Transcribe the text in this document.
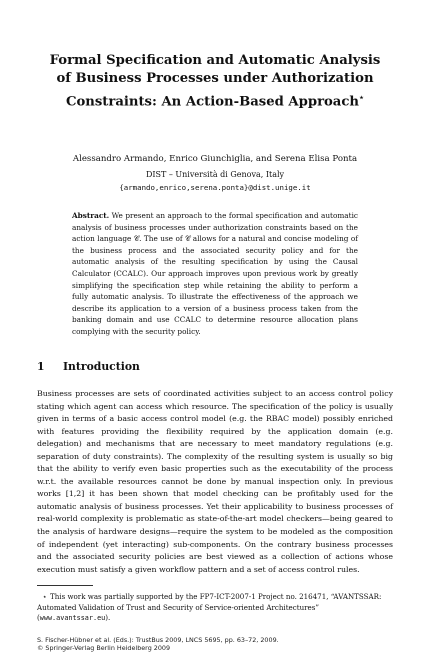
Formal Specification and Automatic Analysis
of Business Processes under Authorization
Constraints: An Action-Based Approach⋆
Alessandro Armando, Enrico Giunchiglia, and Serena Elisa Ponta
DIST – Università di Genova, Italy
{armando,enrico,serena.ponta}@dist.unige.it
Abstract. We present an approach to the formal specification and automatic analysis of business processes under authorization constraints based on the action language 𝒞. The use of 𝒞 allows for a natural and concise modeling of the business process and the associated security policy and for the automatic analysis of the resulting specification by using the Causal Calculator (CCALC). Our approach improves upon previous work by greatly simplifying the specification step while retaining the ability to perform a fully automatic analysis. To illustrate the effectiveness of the approach we describe its application to a version of a business process taken from the banking domain and use CCALC to determine resource allocation plans complying with the security policy.
1 Introduction
Business processes are sets of coordinated activities subject to an access control policy stating which agent can access which resource. The specification of the policy is usually given in terms of a basic access control model (e.g. the RBAC model) possibly enriched with features providing the flexibility required by the application domain (e.g. delegation) and mechanisms that are necessary to meet mandatory regulations (e.g. separation of duty constraints). The complexity of the resulting system is usually so big that the ability to verify even basic properties such as the executability of the process w.r.t. the available resources cannot be done by manual inspection only. In previous works [1,2] it has been shown that model checking can be profitably used for the automatic analysis of business processes. Yet their applicability to business processes of real-world complexity is problematic as state-of-the-art model checkers—being geared to the analysis of hardware designs—require the system to be modeled as the composition of independent (yet interacting) sub-components. On the contrary business processes and the associated security policies are best viewed as a collection of actions whose execution must satisfy a given workflow pattern and a set of access control rules.
⋆ This work was partially supported by the FP7-ICT-2007-1 Project no. 216471, “AVANTSSAR: Automated Validation of Trust and Security of Service-oriented Architectures” (www.avantssar.eu).
S. Fischer-Hübner et al. (Eds.): TrustBus 2009, LNCS 5695, pp. 63–72, 2009.
© Springer-Verlag Berlin Heidelberg 2009
